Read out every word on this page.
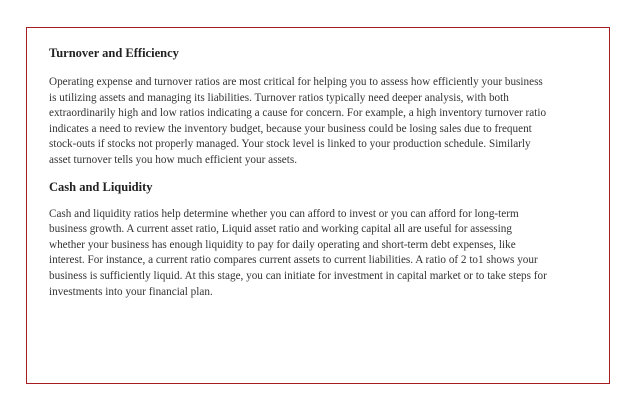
Turnover and Efficiency

Operating expense and turnover ratios are most critical for helping you to assess how efficiently your business is utilizing assets and managing its liabilities. Turnover ratios typically need deeper analysis, with both extraordinarily high and low ratios indicating a cause for concern. For example, a high inventory turnover ratio indicates a need to review the inventory budget, because your business could be losing sales due to frequent stock-outs if stocks not properly managed. Your stock level is linked to your production schedule. Similarly asset turnover tells you how much efficient your assets.

Cash and Liquidity

Cash and liquidity ratios help determine whether you can afford to invest or you can afford for long-term business growth. A current asset ratio, Liquid asset ratio and working capital all are useful for assessing whether your business has enough liquidity to pay for daily operating and short-term debt expenses, like interest. For instance, a current ratio compares current assets to current liabilities. A ratio of 2 to1 shows your business is sufficiently liquid. At this stage, you can initiate for investment in capital market or to take steps for investments into your financial plan.
